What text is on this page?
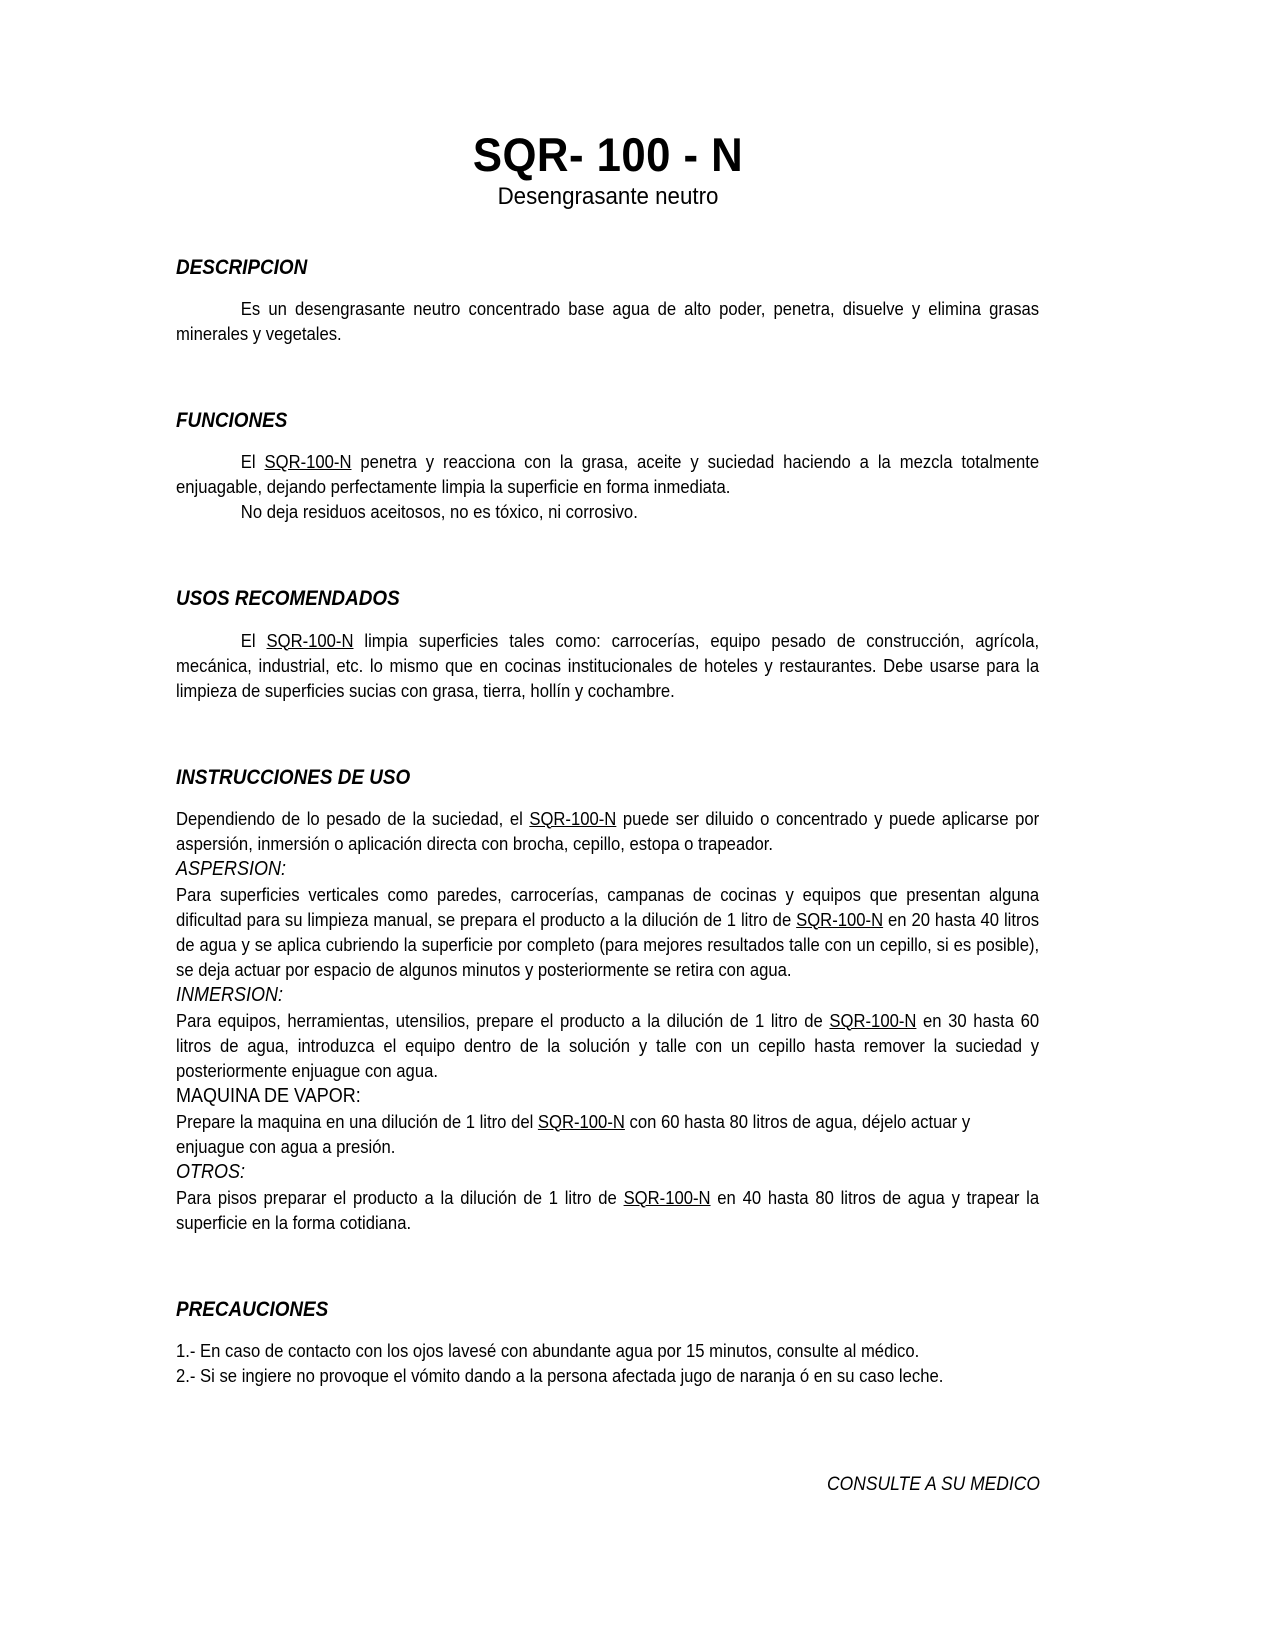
SQR- 100 - N
Desengrasante neutro
DESCRIPCION

Es un desengrasante neutro concentrado base agua de alto poder, penetra, disuelve y elimina grasas minerales y vegetales.

FUNCIONES

El SQR-100-N penetra y reacciona con la grasa, aceite y suciedad haciendo a la mezcla totalmente enjuagable, dejando perfectamente limpia la superficie en forma inmediata.

No deja residuos aceitosos, no es tóxico, ni corrosivo.

USOS RECOMENDADOS

El SQR-100-N limpia superficies tales como: carrocerías, equipo pesado de construcción, agrícola, mecánica, industrial, etc. lo mismo que en cocinas institucionales de hoteles y restaurantes. Debe usarse para la limpieza de superficies sucias con grasa, tierra, hollín y cochambre.

INSTRUCCIONES DE USO

Dependiendo de lo pesado de la suciedad, el SQR-100-N puede ser diluido o concentrado y puede aplicarse por aspersión, inmersión o aplicación directa con brocha, cepillo, estopa o trapeador.

ASPERSION:

Para superficies verticales como paredes, carrocerías, campanas de cocinas y equipos que presentan alguna dificultad para su limpieza manual, se prepara el producto a la dilución de 1 litro de SQR-100-N en 20 hasta 40 litros de agua y se aplica cubriendo la superficie por completo (para mejores resultados talle con un cepillo, si es posible), se deja actuar por espacio de algunos minutos y posteriormente se retira con agua.

INMERSION:

Para equipos, herramientas, utensilios, prepare el producto a la dilución de 1 litro de SQR-100-N en 30 hasta 60 litros de agua, introduzca el equipo dentro de la solución y talle con un cepillo hasta remover la suciedad y posteriormente enjuague con agua.

MAQUINA DE VAPOR:

Prepare la maquina en una dilución de 1 litro del SQR-100-N con 60 hasta 80 litros de agua, déjelo actuar y enjuague con agua a presión.

OTROS:

Para pisos preparar el producto a la dilución de 1 litro de SQR-100-N en 40 hasta 80 litros de agua y trapear la superficie en la forma cotidiana.

PRECAUCIONES

1.- En caso de contacto con los ojos lavesé con abundante agua por 15 minutos, consulte al médico.

2.- Si se ingiere no provoque el vómito dando a la persona afectada jugo de naranja ó en su caso leche.

CONSULTE A SU MEDICO
